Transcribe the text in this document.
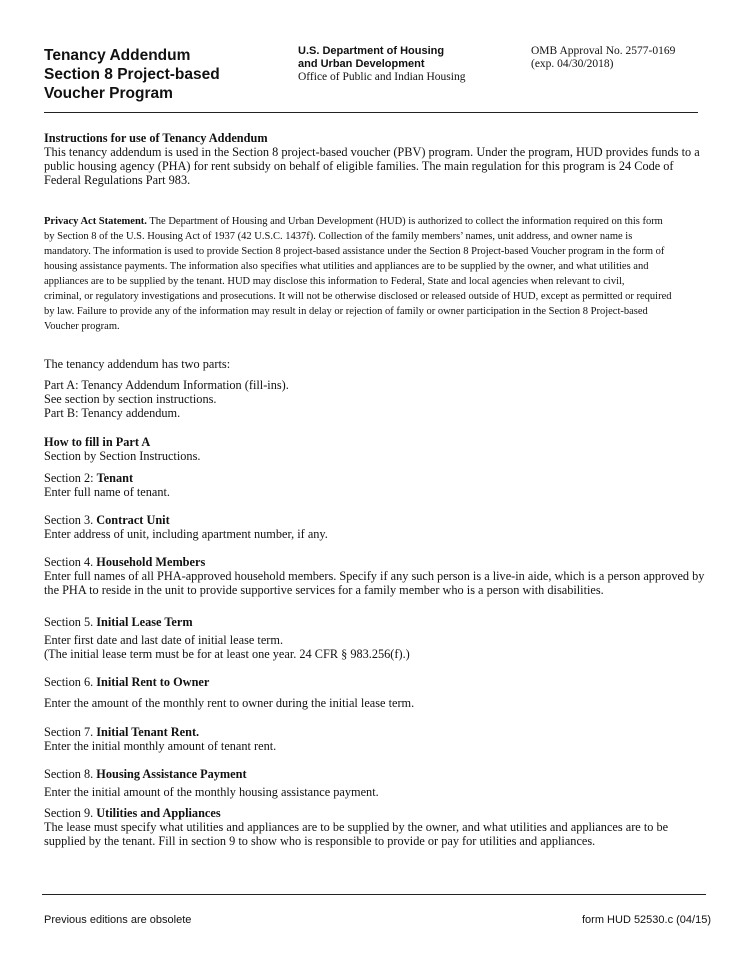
Tenancy Addendum
Section 8 Project-based
Voucher Program
U.S. Department of Housing
and Urban Development
Office of Public and Indian Housing
OMB Approval No. 2577-0169
(exp. 04/30/2018)

Instructions for use of Tenancy Addendum

This tenancy addendum is used in the Section 8 project-based voucher (PBV) program. Under the program, HUD provides funds to a

public housing agency (PHA) for rent subsidy on behalf of eligible families. The main regulation for this program is 24 Code of

Federal Regulations Part 983.

Privacy Act Statement. The Department of Housing and Urban Development (HUD) is authorized to collect the information required on this form

by Section 8 of the U.S. Housing Act of 1937 (42 U.S.C. 1437f). Collection of the family members’ names, unit address, and owner name is

mandatory. The information is used to provide Section 8 project-based assistance under the Section 8 Project-based Voucher program in the form of

housing assistance payments. The information also specifies what utilities and appliances are to be supplied by the owner, and what utilities and

appliances are to be supplied by the tenant. HUD may disclose this information to Federal, State and local agencies when relevant to civil,

criminal, or regulatory investigations and prosecutions. It will not be otherwise disclosed or released outside of HUD, except as permitted or required

by law. Failure to provide any of the information may result in delay or rejection of family or owner participation in the Section 8 Project-based

Voucher program.

The tenancy addendum has two parts:

Part A: Tenancy Addendum Information (fill-ins).

See section by section instructions.

Part B: Tenancy addendum.

How to fill in Part A

Section by Section Instructions.

Section 2: Tenant

Enter full name of tenant.

Section 3. Contract Unit

Enter address of unit, including apartment number, if any.

Section 4. Household Members

Enter full names of all PHA-approved household members. Specify if any such person is a live-in aide, which is a person approved by

the PHA to reside in the unit to provide supportive services for a family member who is a person with disabilities.

Section 5. Initial Lease Term

Enter first date and last date of initial lease term.

(The initial lease term must be for at least one year. 24 CFR § 983.256(f).)

Section 6. Initial Rent to Owner

Enter the amount of the monthly rent to owner during the initial lease term.

Section 7. Initial Tenant Rent.

Enter the initial monthly amount of tenant rent.

Section 8. Housing Assistance Payment

Enter the initial amount of the monthly housing assistance payment.

Section 9. Utilities and Appliances

The lease must specify what utilities and appliances are to be supplied by the owner, and what utilities and appliances are to be

supplied by the tenant. Fill in section 9 to show who is responsible to provide or pay for utilities and appliances.

Previous editions are obsolete	form HUD 52530.c (04/15)
